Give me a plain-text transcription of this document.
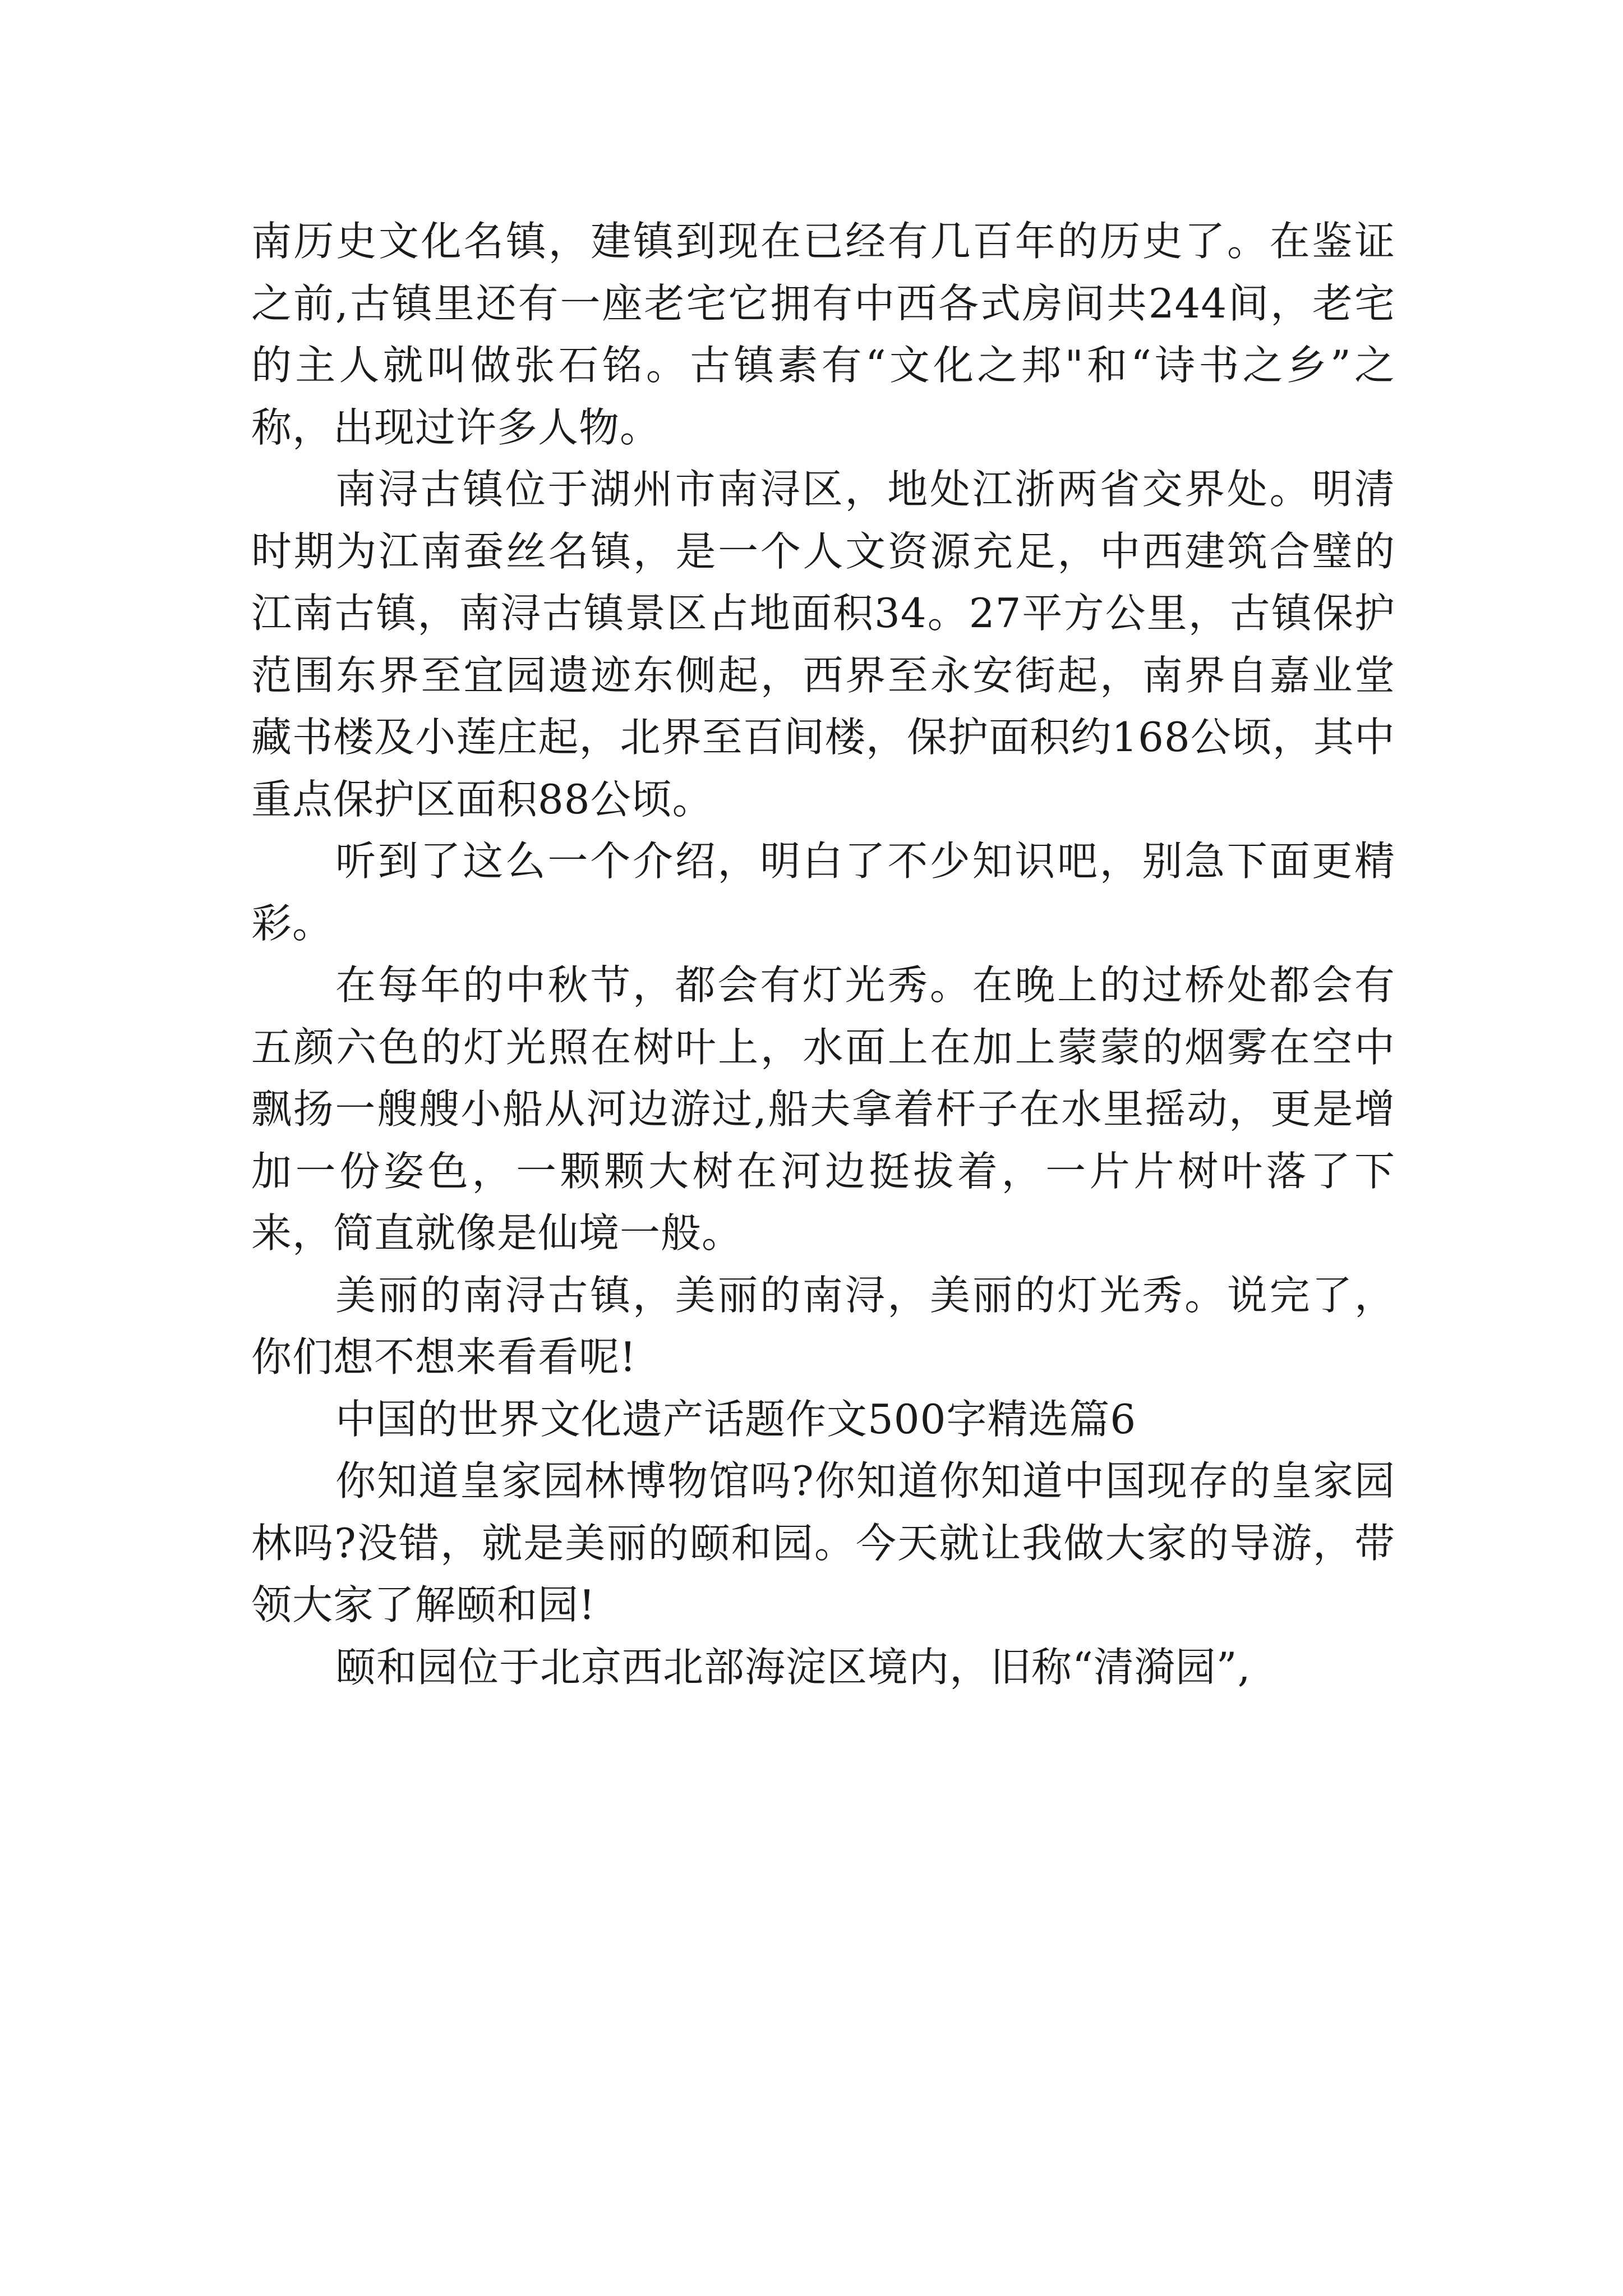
南历史文化名镇，建镇到现在已经有几百年的历史了。在鉴证之前,古镇里还有一座老宅它拥有中西各式房间共244间，老宅的主人就叫做张石铭。古镇素有“文化之邦"和“诗书之乡”之称，出现过许多人物。

南浔古镇位于湖州市南浔区，地处江浙两省交界处。明清时期为江南蚕丝名镇，是一个人文资源充足，中西建筑合璧的江南古镇，南浔古镇景区占地面积34。27平方公里，古镇保护范围东界至宜园遗迹东侧起，西界至永安街起，南界自嘉业堂藏书楼及小莲庄起，北界至百间楼，保护面积约168公顷，其中重点保护区面积88公顷。

听到了这么一个介绍，明白了不少知识吧，别急下面更精彩。

在每年的中秋节，都会有灯光秀。在晚上的过桥处都会有五颜六色的灯光照在树叶上，水面上在加上蒙蒙的烟雾在空中飘扬一艘艘小船从河边游过,船夫拿着杆子在水里摇动，更是增加一份姿色，一颗颗大树在河边挺拔着，一片片树叶落了下来，简直就像是仙境一般。

美丽的南浔古镇，美丽的南浔，美丽的灯光秀。说完了，你们想不想来看看呢!

中国的世界文化遗产话题作文500字精选篇6

你知道皇家园林博物馆吗?你知道你知道中国现存的皇家园林吗?没错，就是美丽的颐和园。今天就让我做大家的导游，带领大家了解颐和园!

颐和园位于北京西北部海淀区境内，旧称“清漪园”,
